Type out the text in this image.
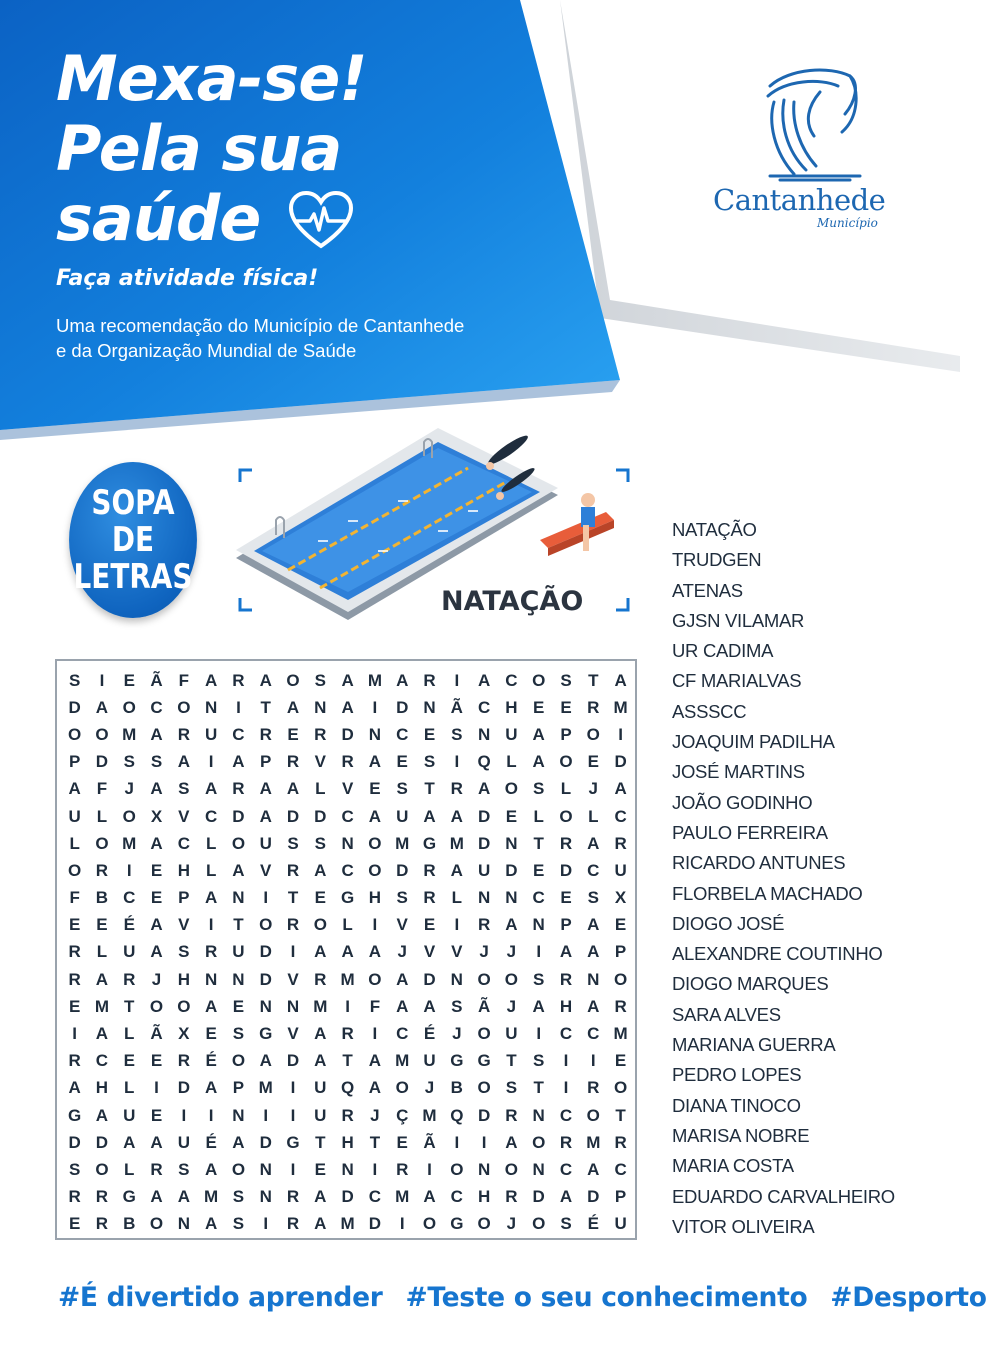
Mexa-se!
Pela sua
saúde
Faça atividade física!
Uma recomendação do Município de Cantanhede
e da Organização Mundial de Saúde
Cantanhede
Município
SOPA
DE
LETRAS
NATAÇÃO
S	I	E Ã F A R A O S A M A R	I	A C O S T A
D A O C O N	I	T A N A	I	D N Ã C H E E R M
O O M A R U C R E R D N C E S N U A P O	I
P D S S A	I	A P R V R A E S	I	Q L A O E D
A F	J A S A R A A L V E S T R A O S L	J A
U L O X V C D A D D C A U A A D E L O L C
L O M A C L O U S S N O M G M D N T R A R
O R	I	E H L A V R A C O D R A U D E D C U
F B C E P A N	I	T E G H S R L N N C E S X
E E É A V	I	T O R O L	I	V E	I	R A N P A E
R L U A S R U D	I	A A A J V V J	J	I	A A P
R A R J H N N D V R M O A D N O O S R N O
E M T O O A E N N M	I	F A A S Ã J A H A R
I	A L Ã X E S G V A R	I	C É J O U	I	C C M
R C E E R É O A D A T A M U G G T S	I	I	E
A H L	I	D A P M	I	U Q A O J B O S T	I	R O
G A U E	I	I	N	I	I	U R J Ç M Q D R N C O T
D D A A U É A D G T H T E Ã	I	I	A O R M R
S O L R S A O N	I	E N	I	R	I	O N O N C A C
R R G A A M S N R A D C M A C H R D A D P
E R B O N A S	I	R A M D	I	O G O J O S É U
NATAÇÃO
TRUDGEN
ATENAS
GJSN VILAMAR
UR CADIMA
CF MARIALVAS
ASSSCC
JOAQUIM PADILHA
JOSÉ MARTINS
JOÃO GODINHO
PAULO FERREIRA
RICARDO ANTUNES
FLORBELA MACHADO
DIOGO JOSÉ
ALEXANDRE COUTINHO
DIOGO MARQUES
SARA ALVES
MARIANA GUERRA
PEDRO LOPES
DIANA TINOCO
MARISA NOBRE
MARIA COSTA
EDUARDO CARVALHEIRO
VITOR OLIVEIRA
#É divertido aprender #Teste o seu conhecimento #Desporto
